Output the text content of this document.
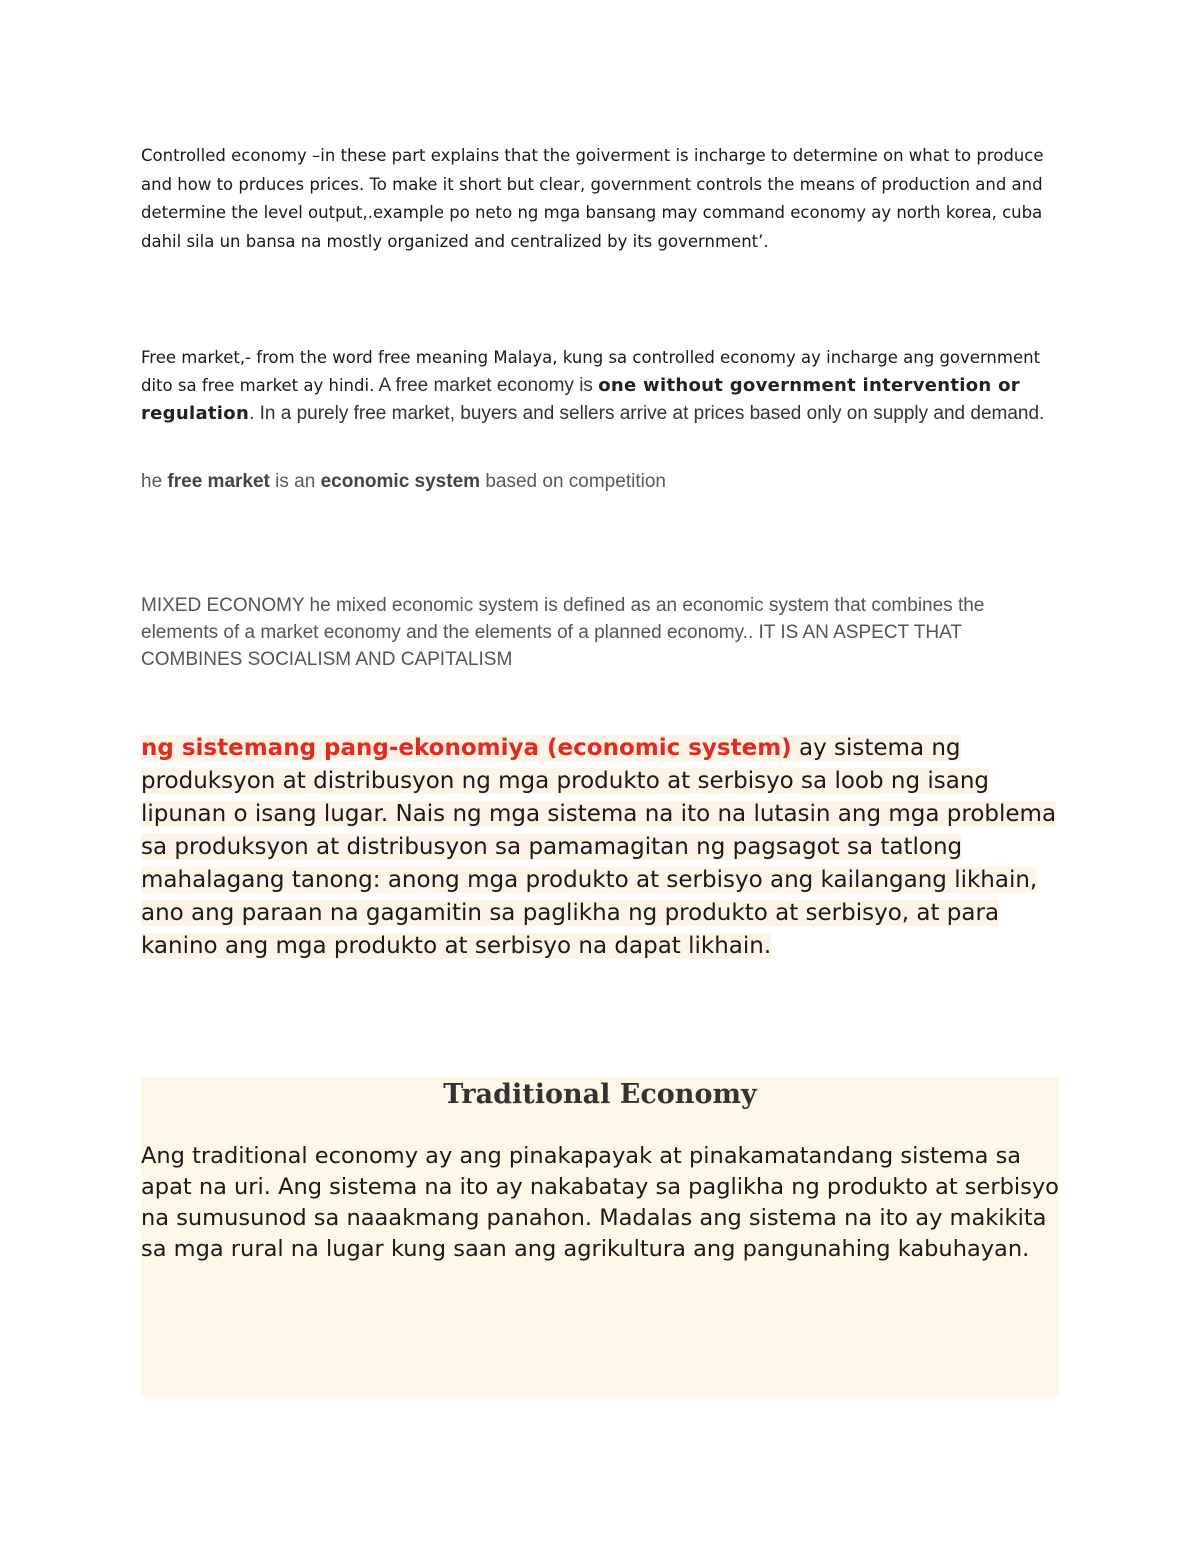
Controlled economy –in these part explains that the goiverment is incharge to determine on what to produce and how to prduces prices. To make it short but clear, government controls the means of production and and determine the level output,.example po neto ng mga bansang may command economy ay north korea, cuba dahil sila un bansa na mostly organized and centralized by its government’.
Free market,- from the word free meaning Malaya, kung sa controlled economy ay incharge ang government dito sa free market ay hindi. A free market economy is one without government intervention or regulation. In a purely free market, buyers and sellers arrive at prices based only on supply and demand.
he free market is an economic system based on competition
MIXED ECONOMY he mixed economic system is defined as an economic system that combines the elements of a market economy and the elements of a planned economy.. IT IS AN ASPECT THAT COMBINES SOCIALISM AND CAPITALISM
ng sistemang pang-ekonomiya (economic system) ay sistema ng produksyon at distribusyon ng mga produkto at serbisyo sa loob ng isang lipunan o isang lugar. Nais ng mga sistema na ito na lutasin ang mga problema sa produksyon at distribusyon sa pamamagitan ng pagsagot sa tatlong mahalagang tanong: anong mga produkto at serbisyo ang kailangang likhain, ano ang paraan na gagamitin sa paglikha ng produkto at serbisyo, at para kanino ang mga produkto at serbisyo na dapat likhain.
Traditional Economy
Ang traditional economy ay ang pinakapayak at pinakamatandang sistema sa apat na uri. Ang sistema na ito ay nakabatay sa paglikha ng produkto at serbisyo na sumusunod sa naaakmang panahon. Madalas ang sistema na ito ay makikita sa mga rural na lugar kung saan ang agrikultura ang pangunahing kabuhayan.
